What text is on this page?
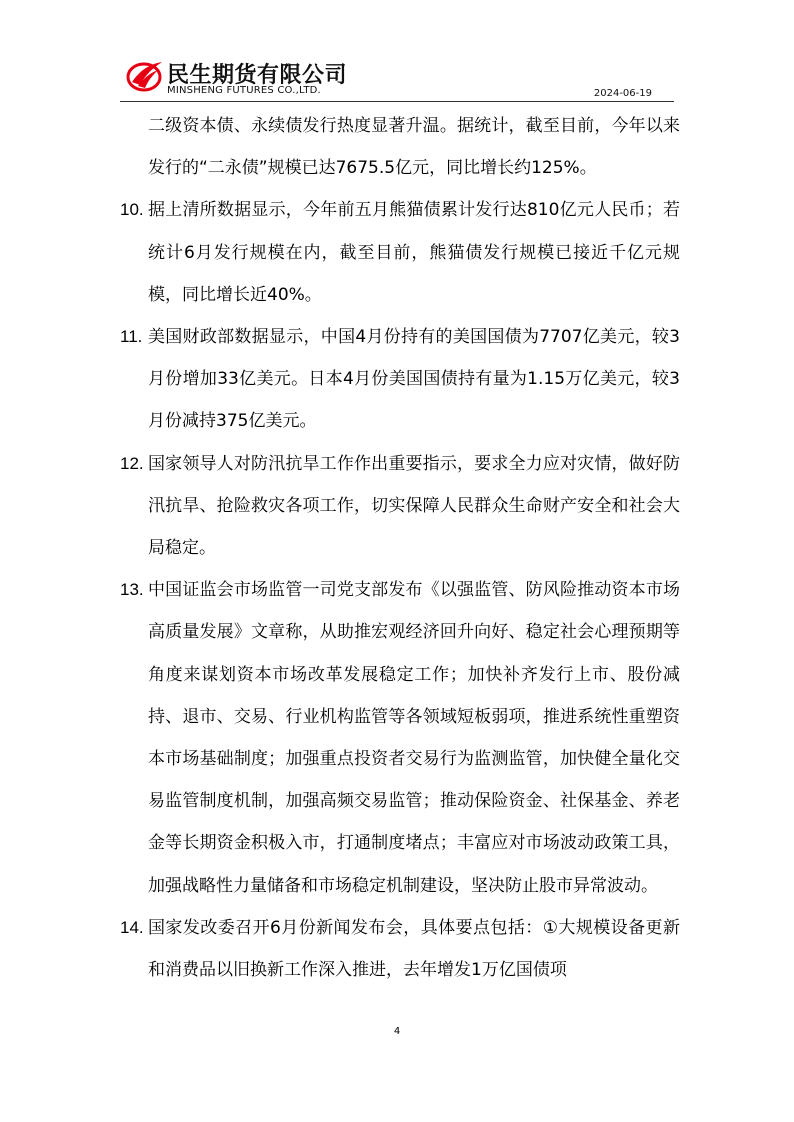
民生期货有限公司
MINSHENG FUTURES CO.,LTD.	2024-06-19
二级资本债、永续债发行热度显著升温。据统计，截至目前，今年以来发行的“二永债”规模已达7675.5亿元，同比增长约125%。
10. 据上清所数据显示，今年前五月熊猫债累计发行达810亿元人民币；若统计6月发行规模在内，截至目前，熊猫债发行规模已接近千亿元规模，同比增长近40%。
11. 美国财政部数据显示，中国4月份持有的美国国债为7707亿美元，较3月份增加33亿美元。日本4月份美国国债持有量为1.15万亿美元，较3月份减持375亿美元。
12. 国家领导人对防汛抗旱工作作出重要指示，要求全力应对灾情，做好防汛抗旱、抢险救灾各项工作，切实保障人民群众生命财产安全和社会大局稳定。
13. 中国证监会市场监管一司党支部发布《以强监管、防风险推动资本市场高质量发展》文章称，从助推宏观经济回升向好、稳定社会心理预期等角度来谋划资本市场改革发展稳定工作；加快补齐发行上市、股份减持、退市、交易、行业机构监管等各领域短板弱项，推进系统性重塑资本市场基础制度；加强重点投资者交易行为监测监管，加快健全量化交易监管制度机制，加强高频交易监管；推动保险资金、社保基金、养老金等长期资金积极入市，打通制度堵点；丰富应对市场波动政策工具，加强战略性力量储备和市场稳定机制建设，坚决防止股市异常波动。
14. 国家发改委召开6月份新闻发布会，具体要点包括：①大规模设备更新和消费品以旧换新工作深入推进，去年增发1万亿国债项
4
